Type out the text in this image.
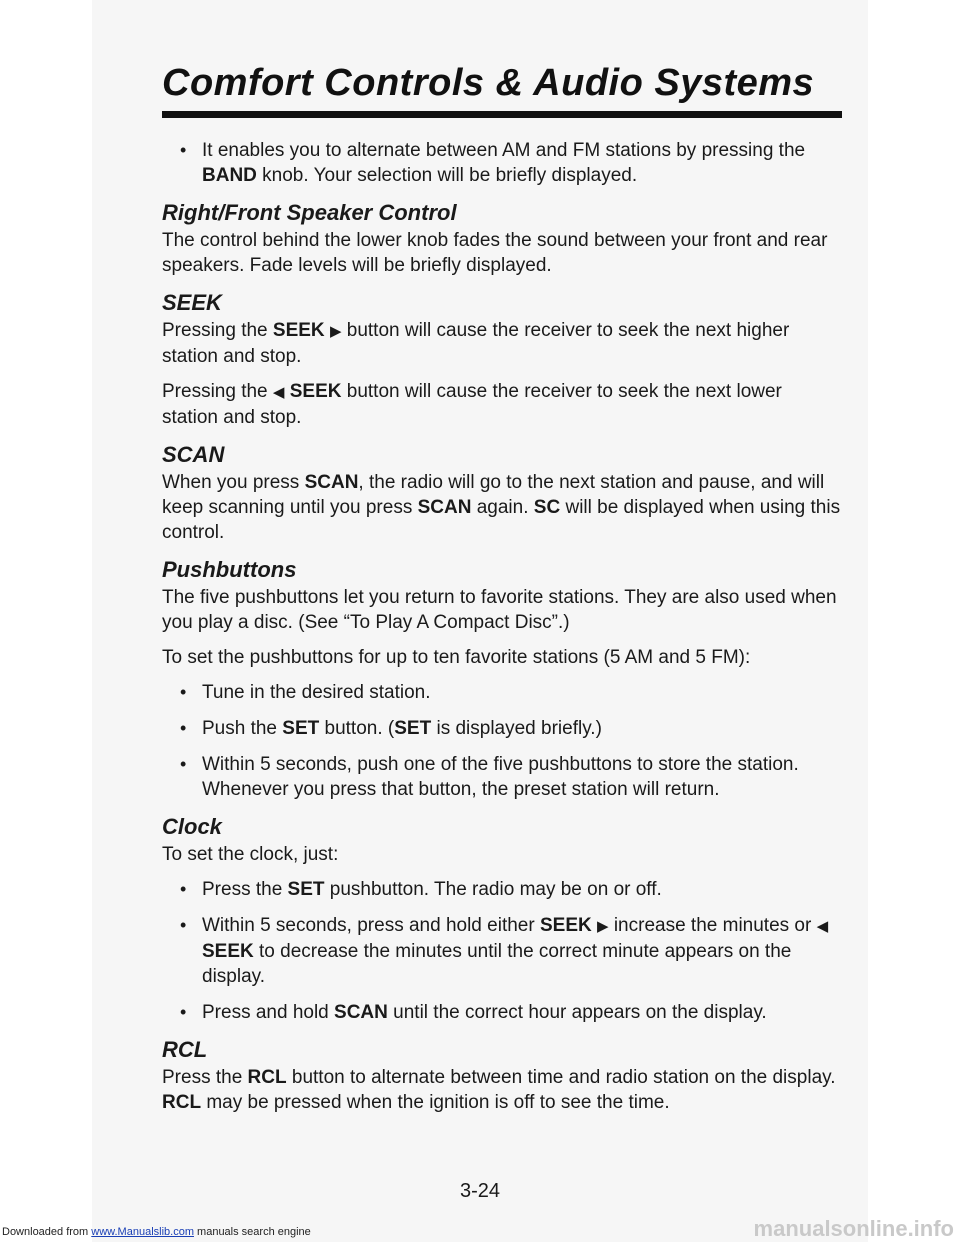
Comfort Controls & Audio Systems
• It enables you to alternate between AM and FM stations by pressing the BAND knob. Your selection will be briefly displayed.
Right/Front Speaker Control

The control behind the lower knob fades the sound between your front and rear speakers. Fade levels will be briefly displayed.

SEEK

Pressing the SEEK ▶ button will cause the receiver to seek the next higher station and stop.

Pressing the ◀ SEEK button will cause the receiver to seek the next lower station and stop.

SCAN

When you press SCAN, the radio will go to the next station and pause, and will keep scanning until you press SCAN again. SC will be displayed when using this control.

Pushbuttons

The five pushbuttons let you return to favorite stations. They are also used when you play a disc. (See “To Play A Compact Disc”.)

To set the pushbuttons for up to ten favorite stations (5 AM and 5 FM):

• Tune in the desired station.
• Push the SET button. (SET is displayed briefly.)
• Within 5 seconds, push one of the five pushbuttons to store the station. Whenever you press that button, the preset station will return.
Clock

To set the clock, just:

• Press the SET pushbutton. The radio may be on or off.
• Within 5 seconds, press and hold either SEEK ▶ increase the minutes or ◀ SEEK to decrease the minutes until the correct minute appears on the display.
• Press and hold SCAN until the correct hour appears on the display.
RCL

Press the RCL button to alternate between time and radio station on the display. RCL may be pressed when the ignition is off to see the time.

3-24
Downloaded from www.Manualslib.com manuals search engine	manualsonline.info
